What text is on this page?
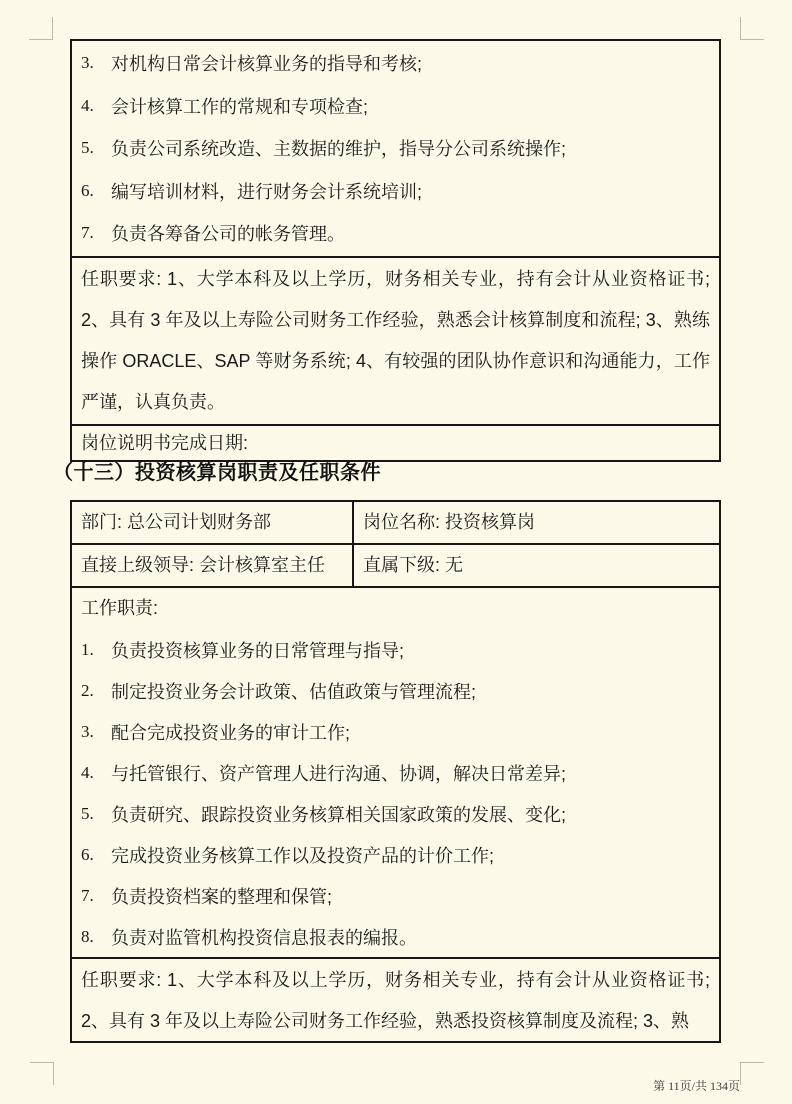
3. 对机构日常会计核算业务的指导和考核;
4. 会计核算工作的常规和专项检查;
5. 负责公司系统改造、主数据的维护，指导分公司系统操作;
6. 编写培训材料，进行财务会计系统培训;
7. 负责各筹备公司的帐务管理。

任职要求: 1、大学本科及以上学历，财务相关专业，持有会计从业资格证书; 2、具有 3 年及以上寿险公司财务工作经验，熟悉会计核算制度和流程; 3、熟练操作 ORACLE、SAP 等财务系统; 4、有较强的团队协作意识和沟通能力，工作严谨，认真负责。

岗位说明书完成日期:
（十三）投资核算岗职责及任职条件
部门: 总公司计划财务部	岗位名称: 投资核算岗
直接上级领导: 会计核算室主任	直属下级: 无
工作职责:
1. 负责投资核算业务的日常管理与指导;
2. 制定投资业务会计政策、估值政策与管理流程;
3. 配合完成投资业务的审计工作;
4. 与托管银行、资产管理人进行沟通、协调，解决日常差异;
5. 负责研究、跟踪投资业务核算相关国家政策的发展、变化;
6. 完成投资业务核算工作以及投资产品的计价工作;
7. 负责投资档案的整理和保管;
8. 负责对监管机构投资信息报表的编报。

任职要求: 1、大学本科及以上学历，财务相关专业，持有会计从业资格证书; 2、具有 3 年及以上寿险公司财务工作经验，熟悉投资核算制度及流程; 3、熟

第 11页/共 134页
